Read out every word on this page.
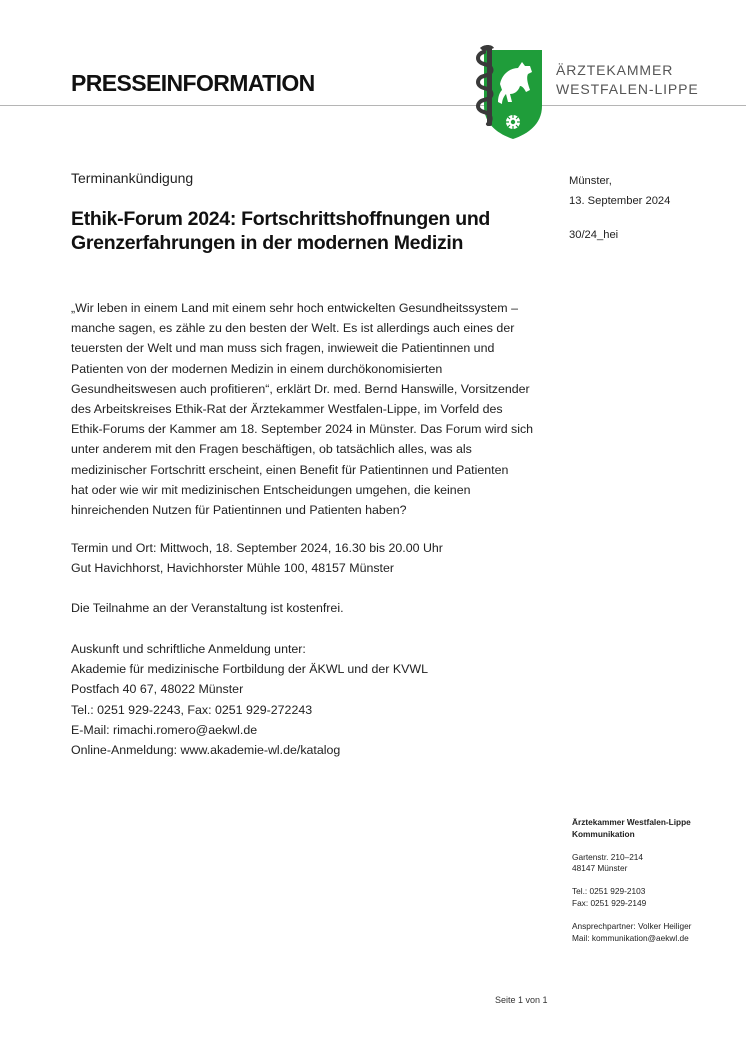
PRESSEINFORMATION	ÄRZTEKAMMER
WESTFALEN-LIPPE
Terminankündigung
Ethik-Forum 2024: Fortschrittshoffnungen und
Grenzerfahrungen in der modernen Medizin
Münster,
13. September 2024
30/24_hei
„Wir leben in einem Land mit einem sehr hoch entwickelten Gesundheitssystem –
manche sagen, es zähle zu den besten der Welt. Es ist allerdings auch eines der
teuersten der Welt und man muss sich fragen, inwieweit die Patientinnen und
Patienten von der modernen Medizin in einem durchökonomisierten
Gesundheitswesen auch profitieren“, erklärt Dr. med. Bernd Hanswille, Vorsitzender
des Arbeitskreises Ethik-Rat der Ärztekammer Westfalen-Lippe, im Vorfeld des
Ethik-Forums der Kammer am 18. September 2024 in Münster. Das Forum wird sich
unter anderem mit den Fragen beschäftigen, ob tatsächlich alles, was als
medizinischer Fortschritt erscheint, einen Benefit für Patientinnen und Patienten
hat oder wie wir mit medizinischen Entscheidungen umgehen, die keinen
hinreichenden Nutzen für Patientinnen und Patienten haben?
Termin und Ort: Mittwoch, 18. September 2024, 16.30 bis 20.00 Uhr
Gut Havichhorst, Havichhorster Mühle 100, 48157 Münster
Die Teilnahme an der Veranstaltung ist kostenfrei.
Auskunft und schriftliche Anmeldung unter:
Akademie für medizinische Fortbildung der ÄKWL und der KVWL
Postfach 40 67, 48022 Münster
Tel.: 0251 929-2243, Fax: 0251 929-272243
E-Mail: rimachi.romero@aekwl.de
Online-Anmeldung: www.akademie-wl.de/katalog
Ärztekammer Westfalen-Lippe
Kommunikation
Gartenstr. 210–214
48147 Münster
Tel.: 0251 929-2103
Fax: 0251 929-2149
Ansprechpartner: Volker Heiliger
Mail: kommunikation@aekwl.de
Seite 1 von 1
